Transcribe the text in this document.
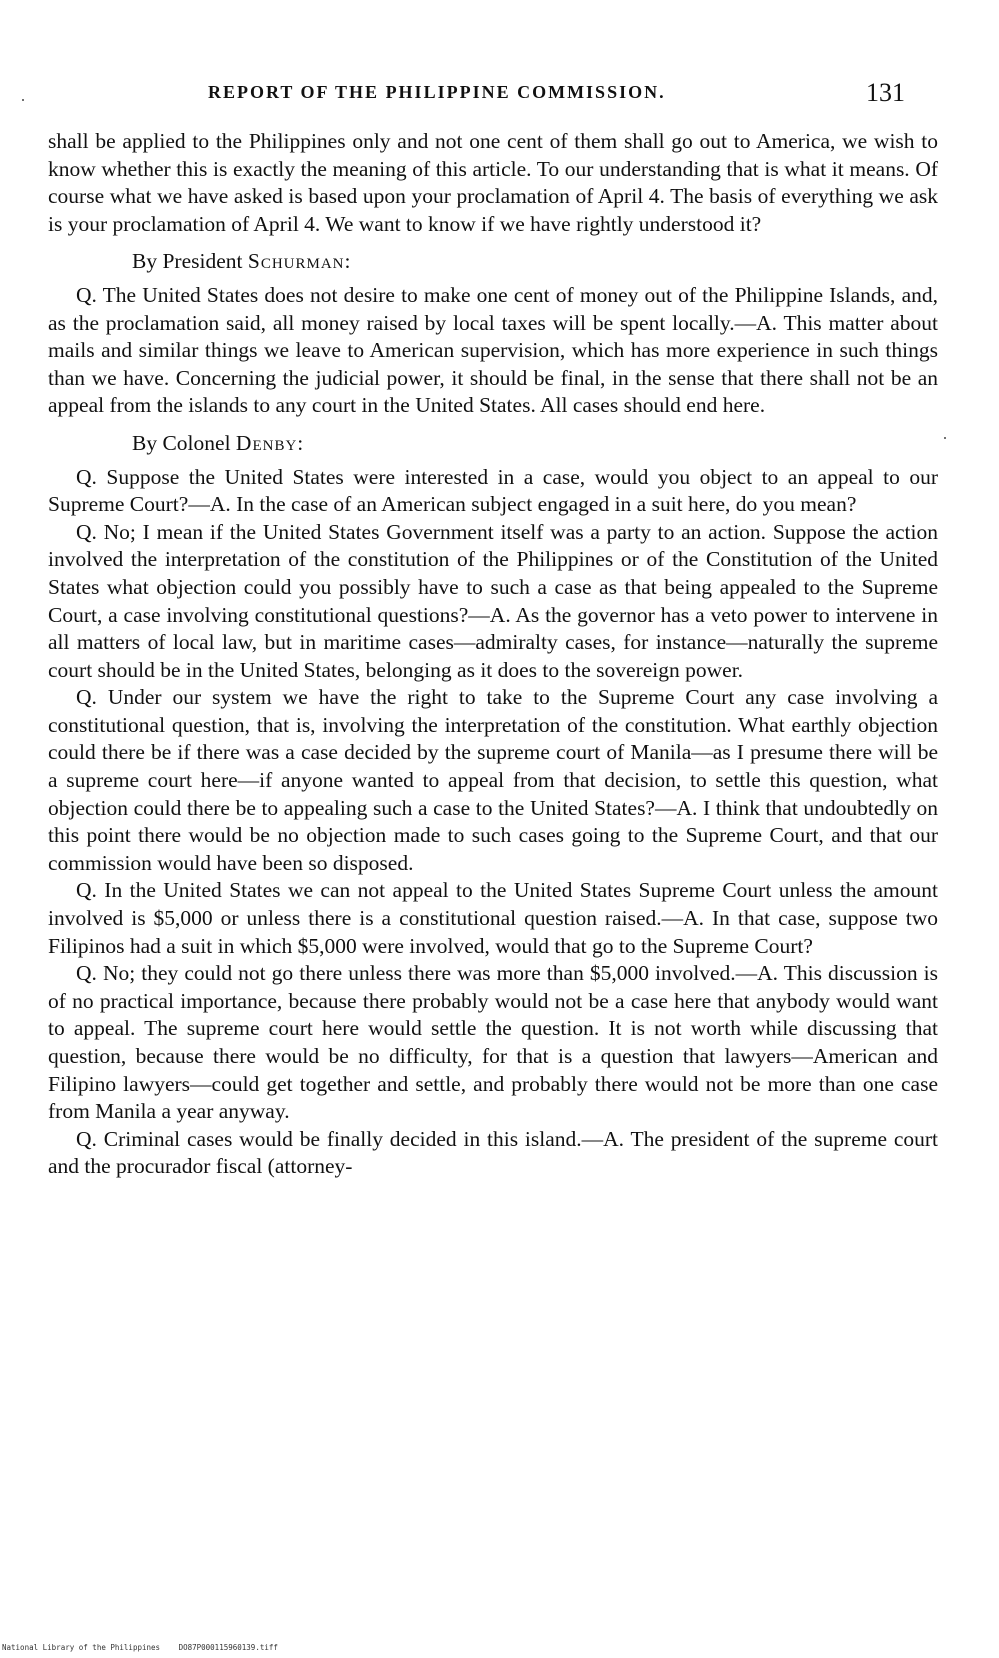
REPORT OF THE PHILIPPINE COMMISSION.	131

shall be applied to the Philippines only and not one cent of them shall go out to America, we wish to know whether this is exactly the meaning of this article. To our understanding that is what it means. Of course what we have asked is based upon your proclamation of April 4. The basis of everything we ask is your proclamation of April 4. We want to know if we have rightly understood it?

By President Schurman:

Q. The United States does not desire to make one cent of money out of the Philippine Islands, and, as the proclamation said, all money raised by local taxes will be spent locally.—A. This matter about mails and similar things we leave to American supervision, which has more experience in such things than we have. Concerning the judicial power, it should be final, in the sense that there shall not be an appeal from the islands to any court in the United States. All cases should end here.

By Colonel Denby:

Q. Suppose the United States were interested in a case, would you object to an appeal to our Supreme Court?—A. In the case of an American subject engaged in a suit here, do you mean?

Q. No; I mean if the United States Government itself was a party to an action. Suppose the action involved the interpretation of the constitution of the Philippines or of the Constitution of the United States what objection could you possibly have to such a case as that being appealed to the Supreme Court, a case involving constitutional questions?—A. As the governor has a veto power to intervene in all matters of local law, but in maritime cases—admiralty cases, for instance—naturally the supreme court should be in the United States, belonging as it does to the sovereign power.

Q. Under our system we have the right to take to the Supreme Court any case involving a constitutional question, that is, involving the interpretation of the constitution. What earthly objection could there be if there was a case decided by the supreme court of Manila—as I presume there will be a supreme court here—if anyone wanted to appeal from that decision, to settle this question, what objection could there be to appealing such a case to the United States?—A. I think that undoubtedly on this point there would be no objection made to such cases going to the Supreme Court, and that our commission would have been so disposed.

Q. In the United States we can not appeal to the United States Supreme Court unless the amount involved is $5,000 or unless there is a constitutional question raised.—A. In that case, suppose two Filipinos had a suit in which $5,000 were involved, would that go to the Supreme Court?

Q. No; they could not go there unless there was more than $5,000 involved.—A. This discussion is of no practical importance, because there probably would not be a case here that anybody would want to appeal. The supreme court here would settle the question. It is not worth while discussing that question, because there would be no difficulty, for that is a question that lawyers—American and Filipino lawyers—could get together and settle, and probably there would not be more than one case from Manila a year anyway.

Q. Criminal cases would be finally decided in this island.—A. The president of the supreme court and the procurador fiscal (attorney-

National Library of the Philippines DO87P000115960139.tiff
